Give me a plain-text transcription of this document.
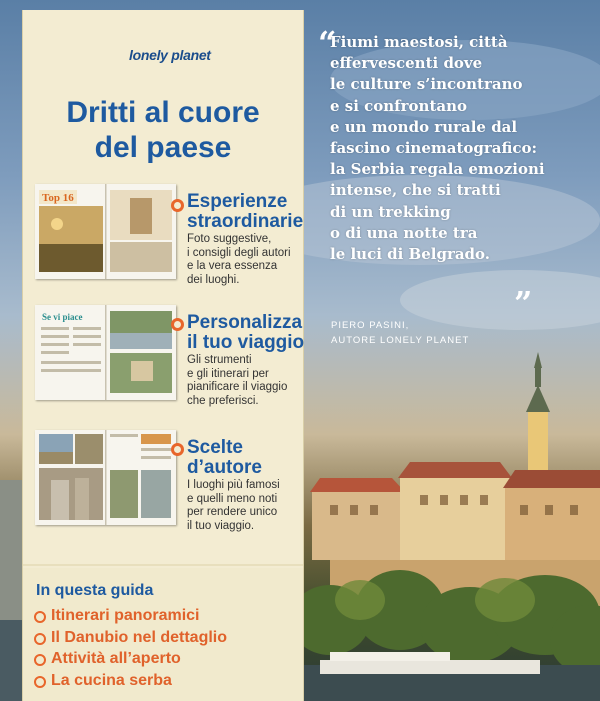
lonely planet
Dritti al cuore
del paese
Top 16	Esperienze
straordinarie
Foto suggestive,
i consigli degli autori
e la vera essenza
dei luoghi.
Se vi piace	Personalizza
il tuo viaggio
Gli strumenti
e gli itinerari per
pianificare il viaggio
che preferisci.
Scelte
d’autore
I luoghi più famosi
e quelli meno noti
per rendere unico
il tuo viaggio.
In questa guida
Itinerari panoramici
Il Danubio nel dettaglio
Attività all’aperto
La cucina serba
“
Fiumi maestosi, città
effervescenti dove
le culture s’incontrano
e si confrontano
e un mondo rurale dal
fascino cinematografico:
la Serbia regala emozioni
intense, che si tratti
di un trekking
o di una notte tra
le luci di Belgrado.
”
PIERO PASINI,
AUTORE LONELY PLANET
